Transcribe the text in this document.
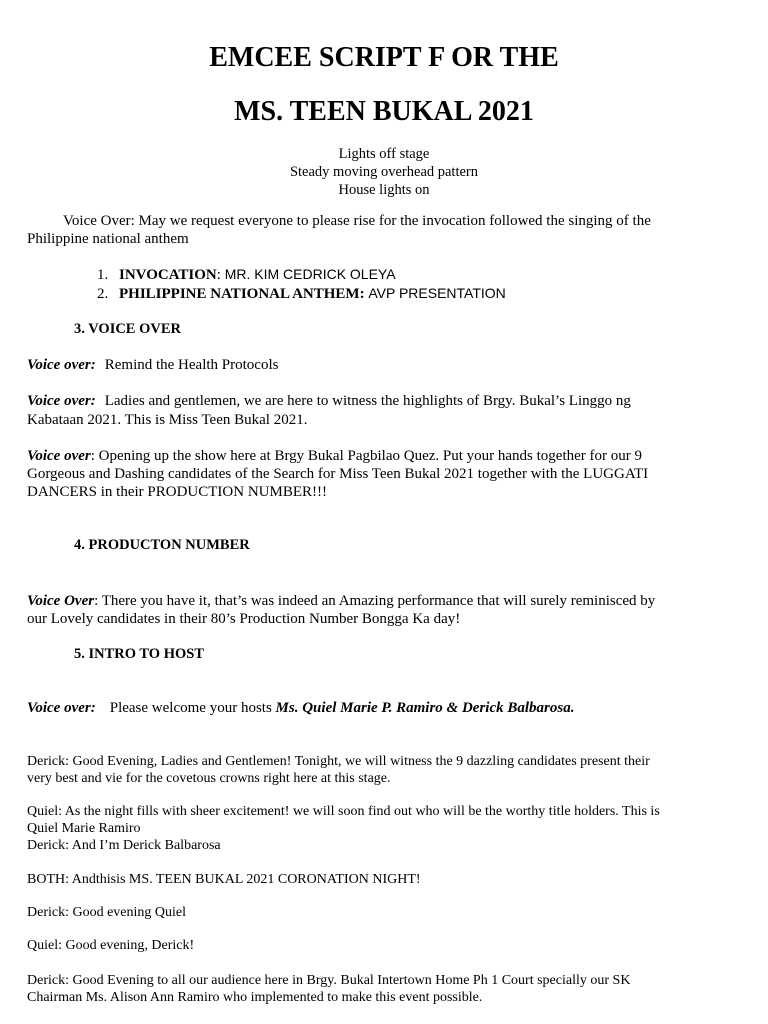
EMCEE SCRIPT F OR THE
MS. TEEN BUKAL 2021
Lights off stage
Steady moving overhead pattern
House lights on
Voice Over: May we request everyone to please rise for the invocation followed the singing of the
Philippine national anthem
1. INVOCATION: MR. KIM CEDRICK OLEYA
2. PHILIPPINE NATIONAL ANTHEM: AVP PRESENTATION
3. VOICE OVER
Voice over: Remind the Health Protocols
Voice over: Ladies and gentlemen, we are here to witness the highlights of Brgy. Bukal’s Linggo ng
Kabataan 2021. This is Miss Teen Bukal 2021.
Voice over: Opening up the show here at Brgy Bukal Pagbilao Quez. Put your hands together for our 9
Gorgeous and Dashing candidates of the Search for Miss Teen Bukal 2021 together with the LUGGATI
DANCERS in their PRODUCTION NUMBER!!!
4. PRODUCTON NUMBER
Voice Over: There you have it, that’s was indeed an Amazing performance that will surely reminisced by
our Lovely candidates in their 80’s Production Number Bongga Ka day!
5. INTRO TO HOST
Voice over: Please welcome your hosts Ms. Quiel Marie P. Ramiro & Derick Balbarosa.
Derick: Good Evening, Ladies and Gentlemen! Tonight, we will witness the 9 dazzling candidates present their
very best and vie for the covetous crowns right here at this stage.
Quiel: As the night fills with sheer excitement! we will soon find out who will be the worthy title holders. This is
Quiel Marie Ramiro
Derick: And I’m Derick Balbarosa
BOTH: Andthisis MS. TEEN BUKAL 2021 CORONATION NIGHT!
Derick: Good evening Quiel
Quiel: Good evening, Derick!
Derick: Good Evening to all our audience here in Brgy. Bukal Intertown Home Ph 1 Court specially our SK
Chairman Ms. Alison Ann Ramiro who implemented to make this event possible.
